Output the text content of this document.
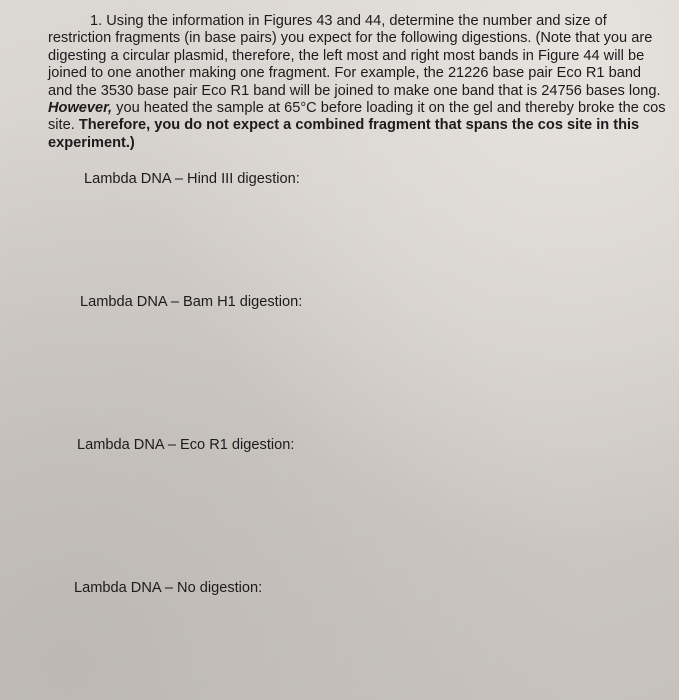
1. Using the information in Figures 43 and 44, determine the number and size of restriction fragments (in base pairs) you expect for the following digestions. (Note that you are digesting a circular plasmid, therefore, the left most and right most bands in Figure 44 will be joined to one another making one fragment. For example, the 21226 base pair Eco R1 band and the 3530 base pair Eco R1 band will be joined to make one band that is 24756 bases long. However, you heated the sample at 65°C before loading it on the gel and thereby broke the cos site. Therefore, you do not expect a combined fragment that spans the cos site in this experiment.)

Lambda DNA – Hind III digestion:
Lambda DNA – Bam H1 digestion:

Lambda DNA – Eco R1 digestion:
Lambda DNA – No digestion:
